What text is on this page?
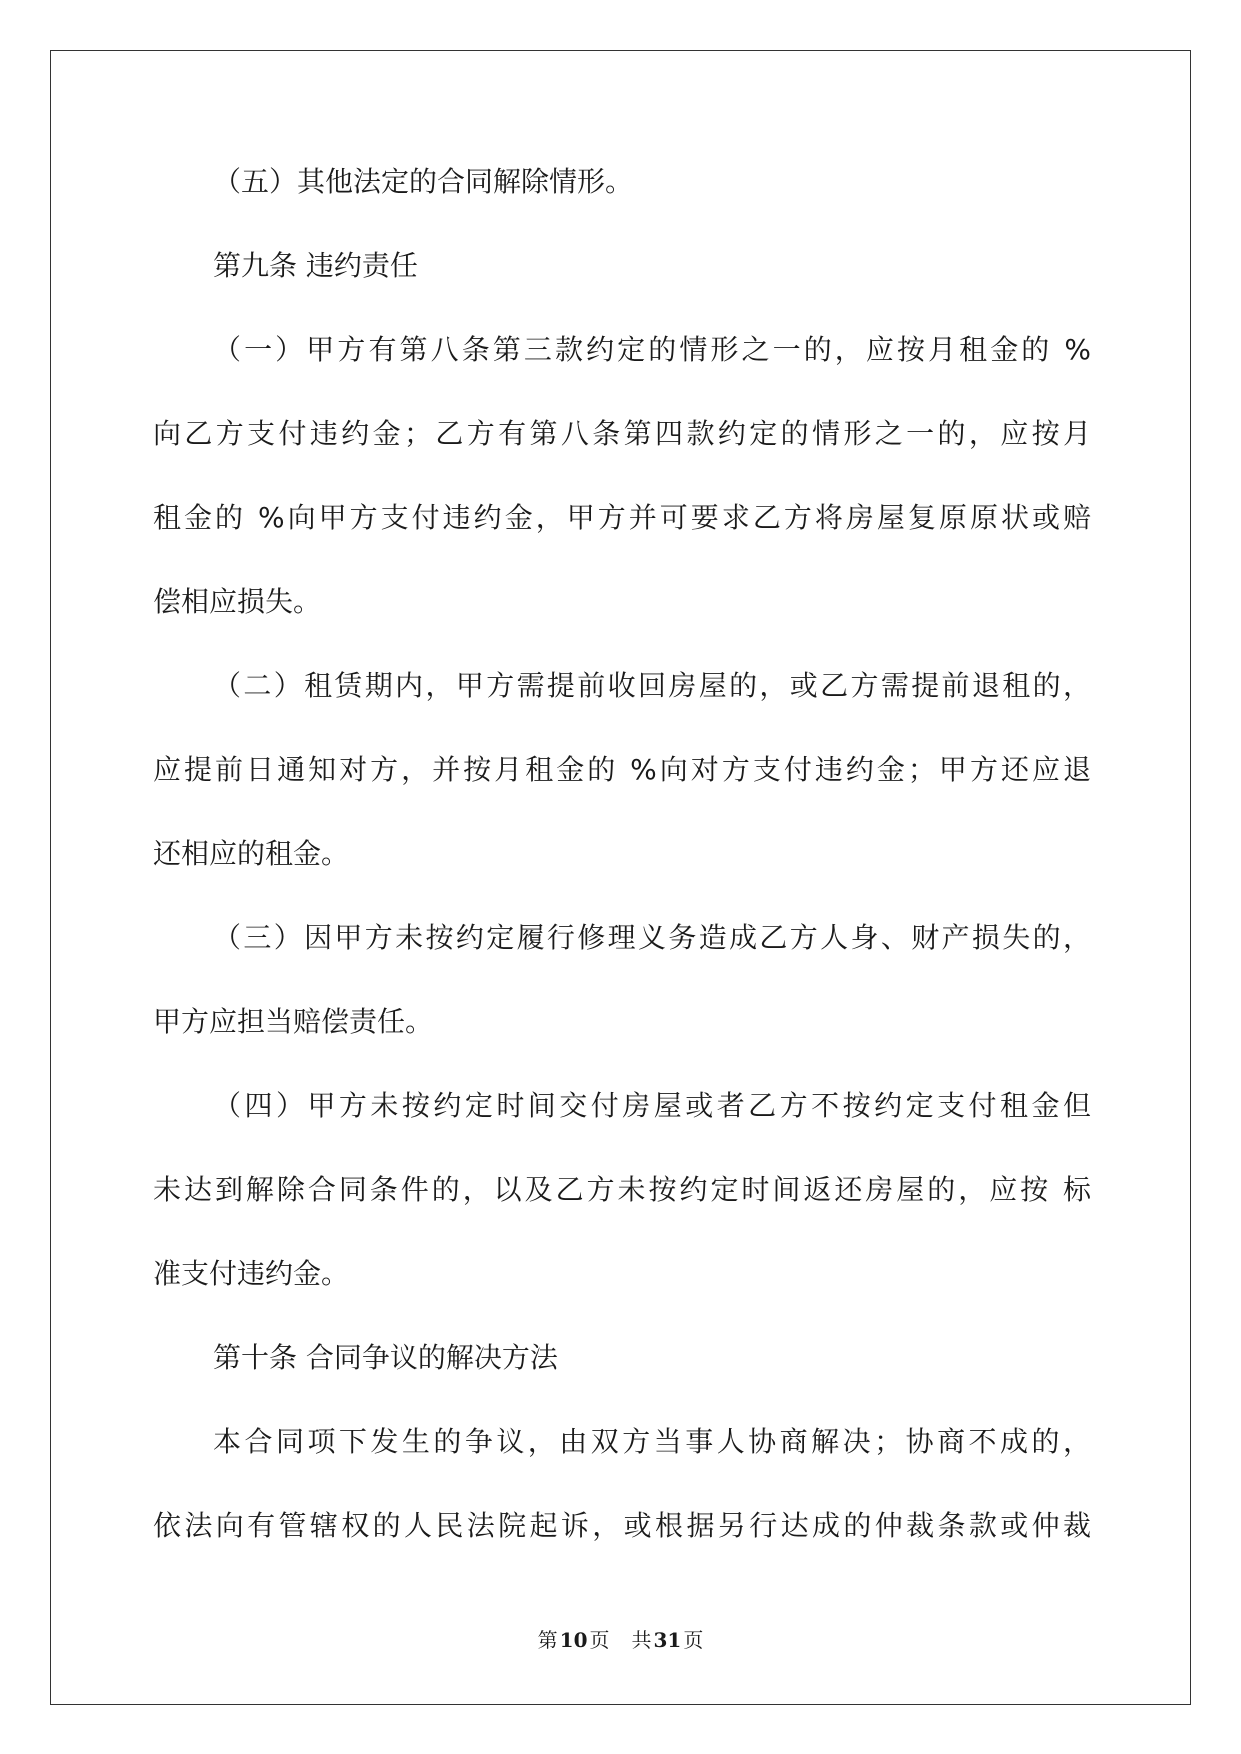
（五）其他法定的合同解除情形。
第九条 违约责任
（一）甲方有第八条第三款约定的情形之一的，应按月租金的 %
向乙方支付违约金；乙方有第八条第四款约定的情形之一的，应按月
租金的 %向甲方支付违约金，甲方并可要求乙方将房屋复原原状或赔
偿相应损失。
（二）租赁期内，甲方需提前收回房屋的，或乙方需提前退租的，
应提前日通知对方，并按月租金的 %向对方支付违约金；甲方还应退
还相应的租金。
（三）因甲方未按约定履行修理义务造成乙方人身、财产损失的，
甲方应担当赔偿责任。
（四）甲方未按约定时间交付房屋或者乙方不按约定支付租金但
未达到解除合同条件的，以及乙方未按约定时间返还房屋的，应按 标
准支付违约金。
第十条 合同争议的解决方法
本合同项下发生的争议，由双方当事人协商解决；协商不成的，
依法向有管辖权的人民法院起诉，或根据另行达成的仲裁条款或仲裁
第 10 页 共 31 页
